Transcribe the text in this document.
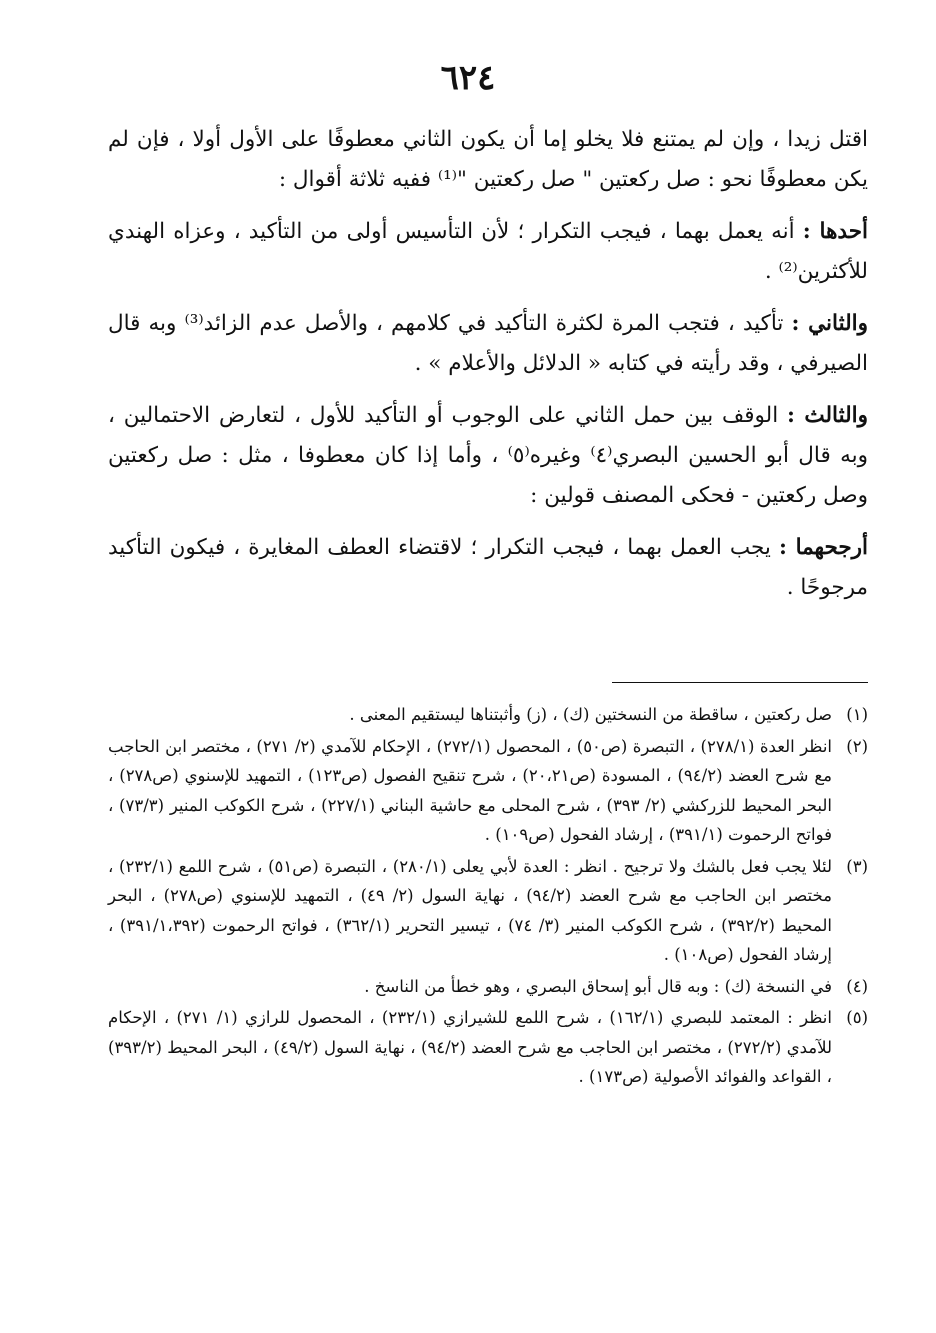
٦٢٤

اقتل زيدا ، وإن لم يمتنع فلا يخلو إما أن يكون الثاني معطوفًا على الأول أولا ، فإن لم يكن معطوفًا نحو : صل ركعتين " صل ركعتين "⁽¹⁾ ففيه ثلاثة أقوال :

أحدها : أنه يعمل بهما ، فيجب التكرار ؛ لأن التأسيس أولى من التأكيد ، وعزاه الهندي للأكثرين⁽²⁾ .

والثاني : تأكيد ، فتجب المرة لكثرة التأكيد في كلامهم ، والأصل عدم الزائد⁽³⁾ وبه قال الصيرفي ، وقد رأيته في كتابه « الدلائل والأعلام » .

والثالث : الوقف بين حمل الثاني على الوجوب أو التأكيد للأول ، لتعارض الاحتمالين ، وبه قال أبو الحسين البصري⁽٤⁾ وغيره⁽٥⁾ ، وأما إذا كان معطوفا ، مثل : صل ركعتين وصل ركعتين - فحكى المصنف قولين :

أرجحهما : يجب العمل بهما ، فيجب التكرار ؛ لاقتضاء العطف المغايرة ، فيكون التأكيد مرجوحًا .

(١)
صل ركعتين ، ساقطة من النسختين (ك) ، (ز) وأثبتناها ليستقيم المعنى .
(٢)
انظر العدة (٢٧٨/١) ، التبصرة (ص٥٠) ، المحصول (٢٧٢/١) ، الإحكام للآمدي (٢/ ٢٧١) ، مختصر ابن الحاجب مع شرح العضد (٩٤/٢) ، المسودة (ص٢٠،٢١) ، شرح تنقيح الفصول (ص١٢٣) ، التمهيد للإسنوي (ص٢٧٨) ، البحر المحيط للزركشي (٢/ ٣٩٣) ، شرح المحلى مع حاشية البناني (٢٢٧/١) ، شرح الكوكب المنير (٧٣/٣) ، فواتح الرحموت (٣٩١/١) ، إرشاد الفحول (ص١٠٩) .
(٣)
لئلا يجب فعل بالشك ولا ترجيح . انظر : العدة لأبي يعلى (٢٨٠/١) ، التبصرة (ص٥١) ، شرح اللمع (٢٣٢/١) ، مختصر ابن الحاجب مع شرح العضد (٩٤/٢) ، نهاية السول (٢/ ٤٩) ، التمهيد للإسنوي (ص٢٧٨) ، البحر المحيط (٣٩٢/٢) ، شرح الكوكب المنير (٣/ ٧٤) ، تيسير التحرير (٣٦٢/١) ، فواتح الرحموت (٣٩١/١،٣٩٢) ، إرشاد الفحول (ص١٠٨) .
(٤)
في النسخة (ك) : وبه قال أبو إسحاق البصري ، وهو خطأ من الناسخ .
(٥)
انظر : المعتمد للبصري (١٦٢/١) ، شرح اللمع للشيرازي (٢٣٢/١) ، المحصول للرازي (١/ ٢٧١) ، الإحكام للآمدي (٢٧٢/٢) ، مختصر ابن الحاجب مع شرح العضد (٩٤/٢) ، نهاية السول (٤٩/٢) ، البحر المحيط (٣٩٣/٢) ، القواعد والفوائد الأصولية (ص١٧٣) .
